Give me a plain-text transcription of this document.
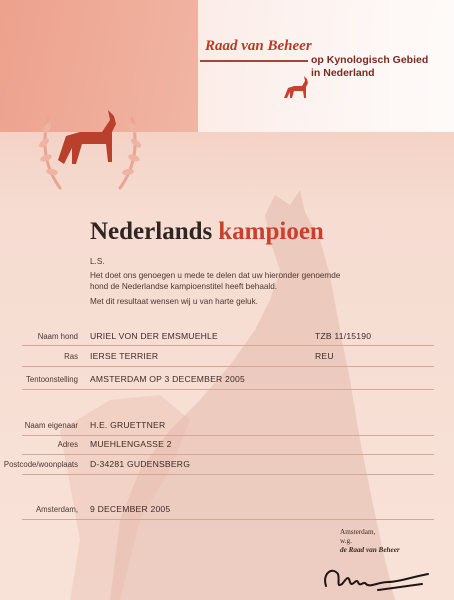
Raad van Beheer
op Kynologisch Gebied
in Nederland
Nederlands kampioen
L.S.
Het doet ons genoegen u mede te delen dat uw hieronder genoemde
hond de Nederlandse kampioenstitel heeft behaald.
Met dit resultaat wensen wij u van harte geluk.
Naam hond URIEL VON DER EMSMUEHLE	TZB 11/15190
Ras IERSE TERRIER	REU
Tentoonstelling AMSTERDAM OP 3 DECEMBER 2005
Naam eigenaar H.E. GRUETTNER
Adres MUEHLENGASSE 2
Postcode/woonplaats D-34281 GUDENSBERG
Amsterdam, 9 DECEMBER 2005
Amsterdam,
w.g.
de Raad van Beheer
